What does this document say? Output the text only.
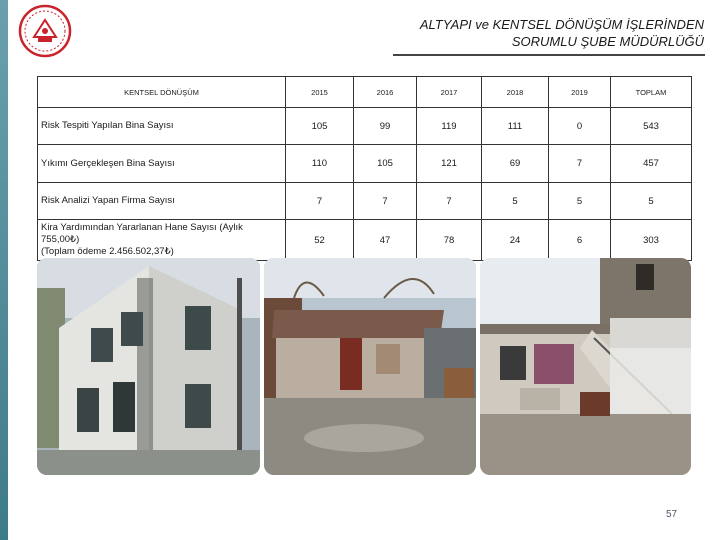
ALTYAPI ve KENTSEL DÖNÜŞÜM İŞLERİNDEN
SORUMLU ŞUBE MÜDÜRLÜĞÜ
KENTSEL DÖNÜŞÜM	2015	2016	2017	2018	2019	TOPLAM
Risk Tespiti Yapılan Bina Sayısı	105	99	119	111	0	543
Yıkımı Gerçekleşen Bina Sayısı	110	105	121	69	7	457
Risk Analizi Yapan Firma Sayısı	7	7	7	5	5	5

Kira Yardımından Yararlanan Hane Sayısı (Aylık 755,00₺)
(Toplam ödeme 2.456.502,37₺)	52	47	78	24	6	303
57
